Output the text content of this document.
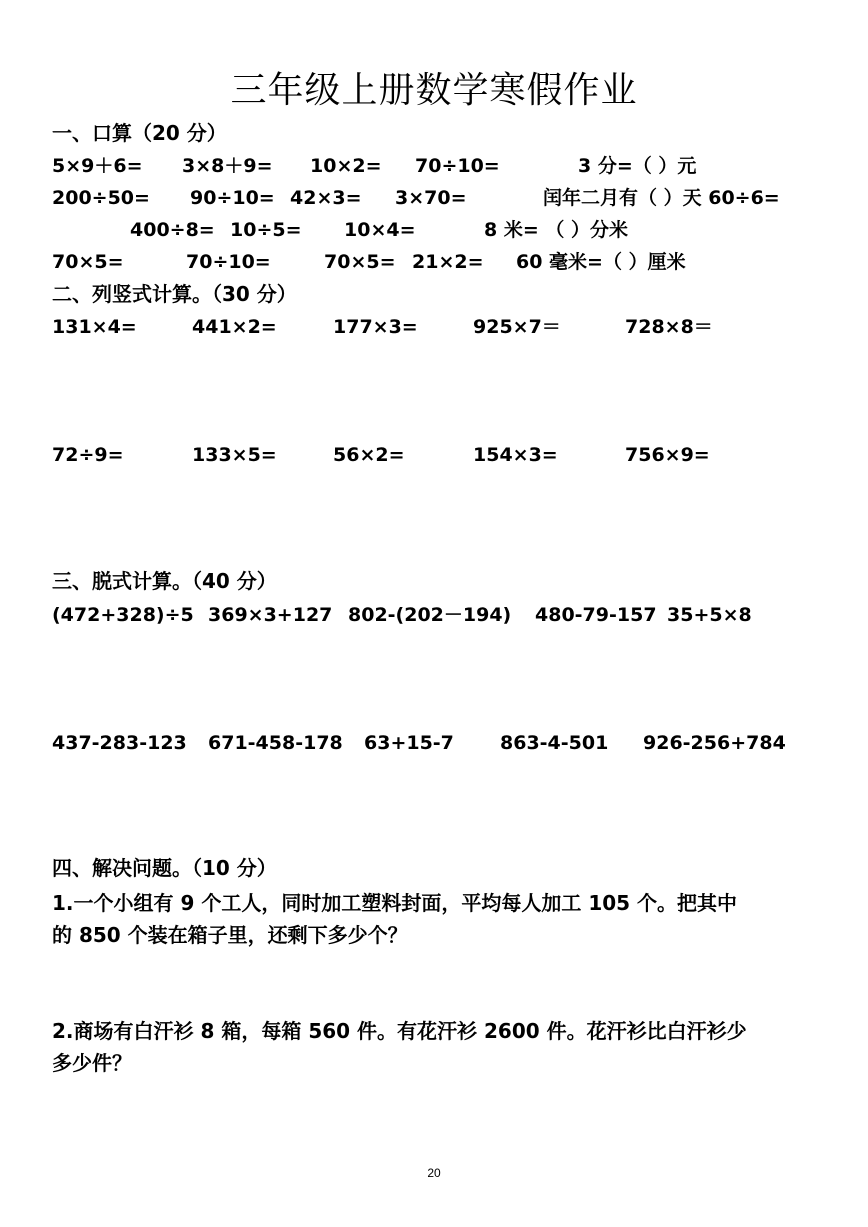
三年级上册数学寒假作业
一、口算（20 分）
5×9＋6= 3×8＋9= 10×2= 70÷10=	3 分=（ ）元
200÷50= 90÷10= 42×3= 3×70=	闰年二月有（ ）天 60÷6=
400÷8= 10÷5= 10×4=	8 米= （ ）分米
70×5=	70÷10=	70×5= 21×2= 60 毫米=（ ）厘米
二、列竖式计算。（30 分）
131×4=	441×2=	177×3=	925×7＝	728×8＝
72÷9=	133×5=	56×2=	154×3=	756×9=
三、脱式计算。（40 分）
(472+328)÷5 369×3+127 802-(202－194) 480-79-157 35+5×8
437-283-123 671-458-178 63+15-7 863-4-501 926-256+784
四、解决问题。（10 分）
1.一个小组有 9 个工人，同时加工塑料封面，平均每人加工 105 个。把其中
的 850 个装在箱子里，还剩下多少个？
2.商场有白汗衫 8 箱，每箱 560 件。有花汗衫 2600 件。花汗衫比白汗衫少
多少件？
20
